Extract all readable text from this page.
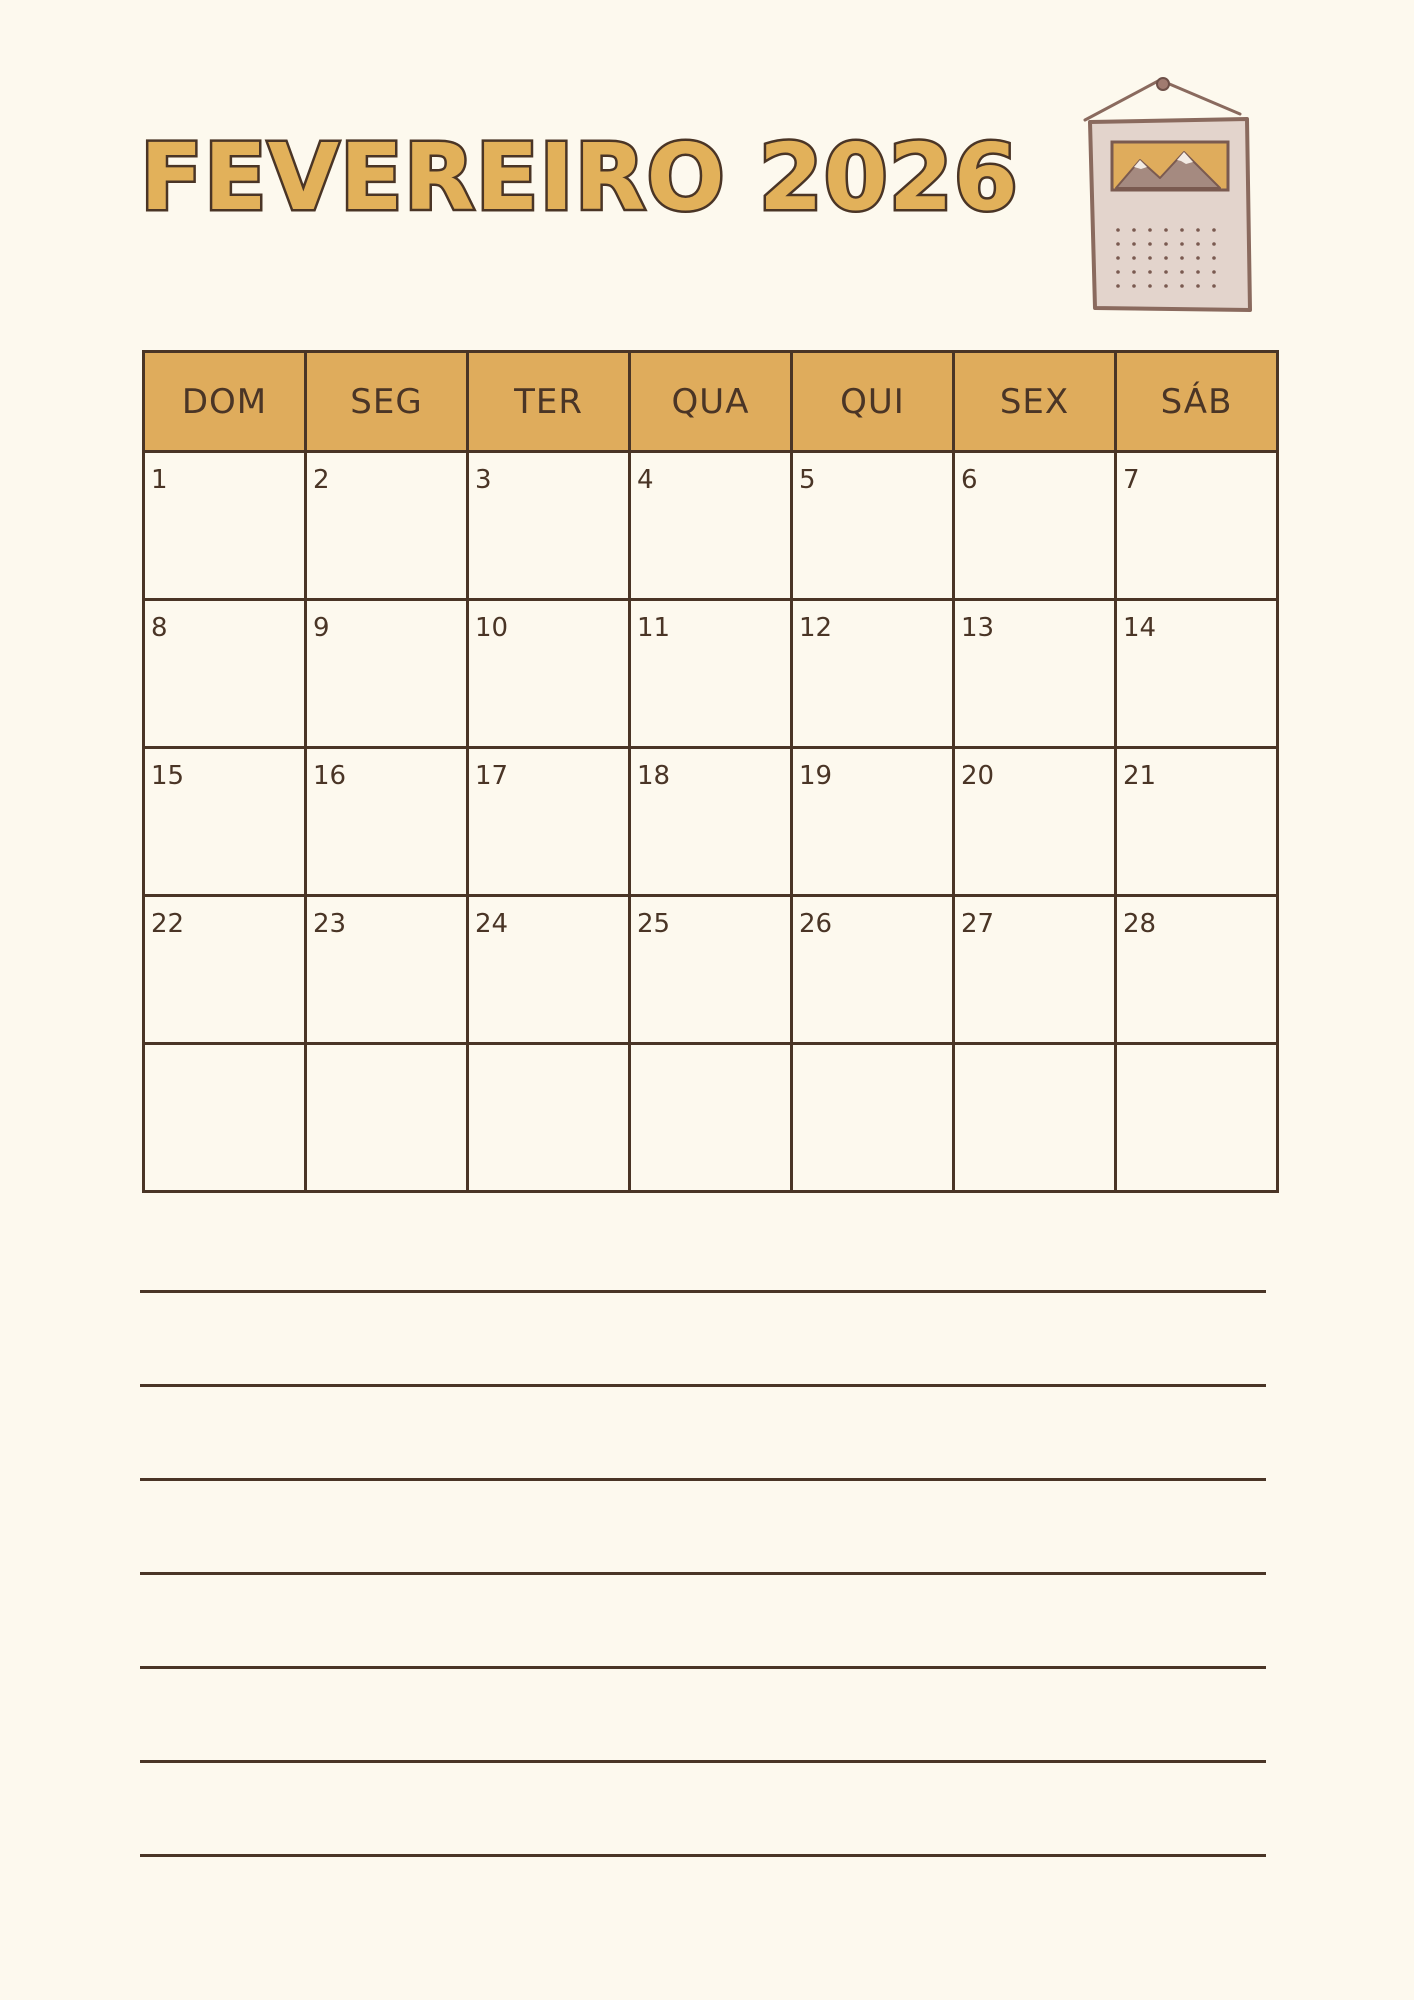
FEVEREIRO 2026
DOM	SEG	TER	QUA	QUI	SEX	SÁB

1	2	3	4	5	6	7

8	9	10	11	12	13	14

15	16	17	18	19	20	21

22	23	24	25	26	27	28
